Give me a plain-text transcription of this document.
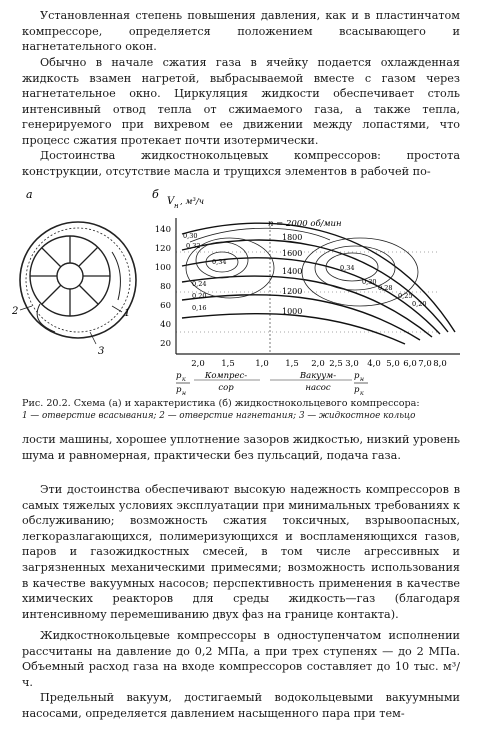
Установленная степень повышения давления, как и в пластинчатом компрессоре, определяется положением всасывающего и нагнетательного окон.

Обычно в начале сжатия газа в ячейку подается охлажденная жидкость взамен нагретой, выбрасываемой вместе с газом через нагнетательное окно. Циркуляция жидкости обеспечивает столь интенсивный отвод тепла от сжимаемого газа, а также тепла, генерируемого при вихревом ее движении между лопастями, что процесс сжатия протекает почти изотермически.

Достоинства жидкостнокольцевых компрессоров: простота конструкции, отсутствие масла и трущихся элементов в рабочей по-

а
2	1
3
б
V н , м³/ч
140
120
100
80
60
40
20
n = 2000 об/мин
1800
1600
1400
1200
1000
0,30
0,32
0,34
0,24
0,20
0,16
0,34
0,30
0,28
0,25
0,20
2,0 1,5 1,0 1,5 2,0 2,5 3,0 4,0 5,0 6,0 7,0 8,0
p к
p н
p н
p к
Компрес-
сор
Вакуум-
насос
Рис. 20.2. Схема (а) и характеристика (б) жидкостнокольцевого компрессора:
1 — отверстие всасывания; 2 — отверстие нагнетания; 3 — жидкостное кольцо

лости машины, хорошее уплотнение зазоров жидкостью, низкий уровень шума и равномерная, практически без пульсаций, подача газа.

Эти достоинства обеспечивают высокую надежность компрессоров в самых тяжелых условиях эксплуатации при минимальных требованиях к обслуживанию; возможность сжатия токсичных, взрывоопасных, легкоразлагающихся, полимеризующихся и воспламеняющихся газов, паров и газожидкостных смесей, в том числе агрессивных и загрязненных механическими примесями; возможность использования в качестве вакуумных насосов; перспективность применения в качестве химических реакторов для среды жидкость—газ (благодаря интенсивному перемешиванию двух фаз на границе контакта).

Жидкостнокольцевые компрессоры в одноступенчатом исполнении рассчитаны на давление до 0,2 МПа, а при трех ступенях — до 2 МПа. Объемный расход газа на входе компрессоров составляет до 10 тыс. м³/ч.

Предельный вакуум, достигаемый водокольцевыми вакуумными насосами, определяется давлением насыщенного пара при тем-
